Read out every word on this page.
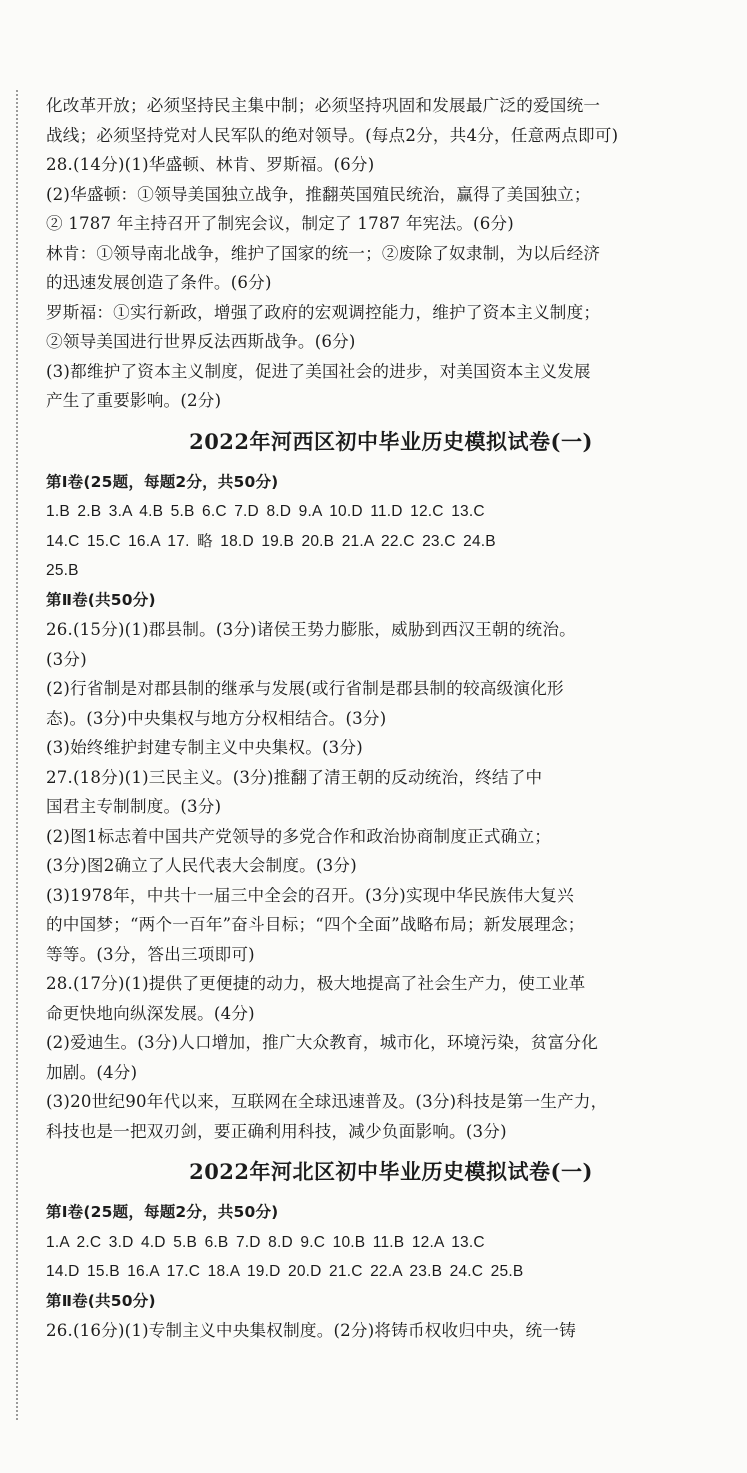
化改革开放；必须坚持民主集中制；必须坚持巩固和发展最广泛的爱国统一

战线；必须坚持党对人民军队的绝对领导。(每点2分，共4分，任意两点即可)

28.(14分)(1)华盛顿、林肯、罗斯福。(6分)

(2)华盛顿：①领导美国独立战争，推翻英国殖民统治，赢得了美国独立；

② 1787 年主持召开了制宪会议，制定了 1787 年宪法。(6分)

林肯：①领导南北战争，维护了国家的统一；②废除了奴隶制，为以后经济

的迅速发展创造了条件。(6分)

罗斯福：①实行新政，增强了政府的宏观调控能力，维护了资本主义制度；

②领导美国进行世界反法西斯战争。(6分)

(3)都维护了资本主义制度，促进了美国社会的进步，对美国资本主义发展

产生了重要影响。(2分)

2022年河西区初中毕业历史模拟试卷(一)

第Ⅰ卷(25题，每题2分，共50分)

1.B 2.B 3.A 4.B 5.B 6.C 7.D 8.D 9.A 10.D 11.D 12.C 13.C

14.C 15.C 16.A 17. 略 18.D 19.B 20.B 21.A 22.C 23.C 24.B

25.B

第Ⅱ卷(共50分)

26.(15分)(1)郡县制。(3分)诸侯王势力膨胀，威胁到西汉王朝的统治。

(3分)

(2)行省制是对郡县制的继承与发展(或行省制是郡县制的较高级演化形

态)。(3分)中央集权与地方分权相结合。(3分)

(3)始终维护封建专制主义中央集权。(3分)

27.(18分)(1)三民主义。(3分)推翻了清王朝的反动统治，终结了中

国君主专制制度。(3分)

(2)图1标志着中国共产党领导的多党合作和政治协商制度正式确立；

(3分)图2确立了人民代表大会制度。(3分)

(3)1978年，中共十一届三中全会的召开。(3分)实现中华民族伟大复兴

的中国梦；“两个一百年”奋斗目标；“四个全面”战略布局；新发展理念；

等等。(3分，答出三项即可)

28.(17分)(1)提供了更便捷的动力，极大地提高了社会生产力，使工业革

命更快地向纵深发展。(4分)

(2)爱迪生。(3分)人口增加，推广大众教育，城市化，环境污染，贫富分化

加剧。(4分)

(3)20世纪90年代以来，互联网在全球迅速普及。(3分)科技是第一生产力，

科技也是一把双刃剑，要正确利用科技，减少负面影响。(3分)

2022年河北区初中毕业历史模拟试卷(一)

第Ⅰ卷(25题，每题2分，共50分)

1.A 2.C 3.D 4.D 5.B 6.B 7.D 8.D 9.C 10.B 11.B 12.A 13.C

14.D 15.B 16.A 17.C 18.A 19.D 20.D 21.C 22.A 23.B 24.C 25.B

第Ⅱ卷(共50分)

26.(16分)(1)专制主义中央集权制度。(2分)将铸币权收归中央，统一铸
